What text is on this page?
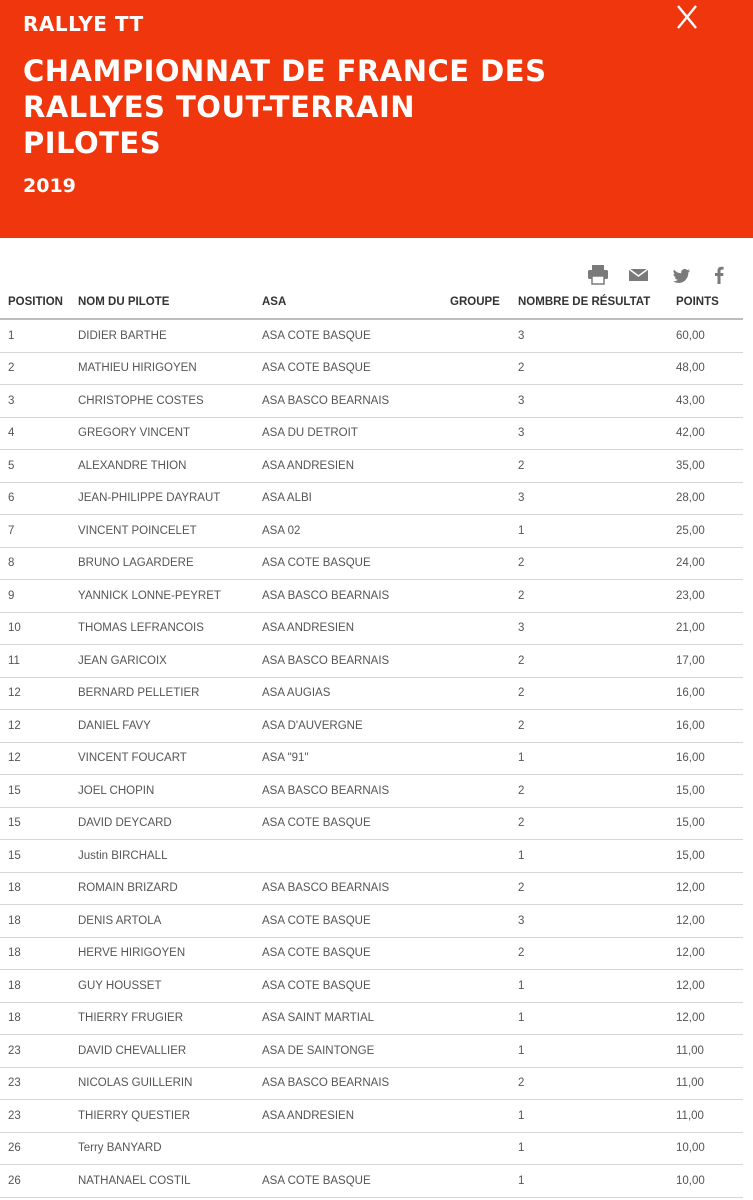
RALLYE TT
CHAMPIONNAT DE FRANCE DES
RALLYES TOUT-TERRAIN
PILOTES
2019
POSITION	NOM DU PILOTE	ASA	GROUPE	NOMBRE DE RÉSULTAT	POINTS
1	DIDIER BARTHE	ASA COTE BASQUE		3	60,00
2	MATHIEU HIRIGOYEN	ASA COTE BASQUE		2	48,00
3	CHRISTOPHE COSTES	ASA BASCO BEARNAIS		3	43,00
4	GREGORY VINCENT	ASA DU DETROIT		3	42,00
5	ALEXANDRE THION	ASA ANDRESIEN		2	35,00
6	JEAN-PHILIPPE DAYRAUT	ASA ALBI		3	28,00
7	VINCENT POINCELET	ASA 02		1	25,00
8	BRUNO LAGARDERE	ASA COTE BASQUE		2	24,00
9	YANNICK LONNE-PEYRET	ASA BASCO BEARNAIS		2	23,00
10	THOMAS LEFRANCOIS	ASA ANDRESIEN		3	21,00
11	JEAN GARICOIX	ASA BASCO BEARNAIS		2	17,00
12	BERNARD PELLETIER	ASA AUGIAS		2	16,00
12	DANIEL FAVY	ASA D'AUVERGNE		2	16,00
12	VINCENT FOUCART	ASA "91"		1	16,00
15	JOEL CHOPIN	ASA BASCO BEARNAIS		2	15,00
15	DAVID DEYCARD	ASA COTE BASQUE		2	15,00
15	Justin BIRCHALL			1	15,00
18	ROMAIN BRIZARD	ASA BASCO BEARNAIS		2	12,00
18	DENIS ARTOLA	ASA COTE BASQUE		3	12,00
18	HERVE HIRIGOYEN	ASA COTE BASQUE		2	12,00
18	GUY HOUSSET	ASA COTE BASQUE		1	12,00
18	THIERRY FRUGIER	ASA SAINT MARTIAL		1	12,00
23	DAVID CHEVALLIER	ASA DE SAINTONGE		1	11,00
23	NICOLAS GUILLERIN	ASA BASCO BEARNAIS		2	11,00
23	THIERRY QUESTIER	ASA ANDRESIEN		1	11,00
26	Terry BANYARD			1	10,00
26	NATHANAEL COSTIL	ASA COTE BASQUE		1	10,00
